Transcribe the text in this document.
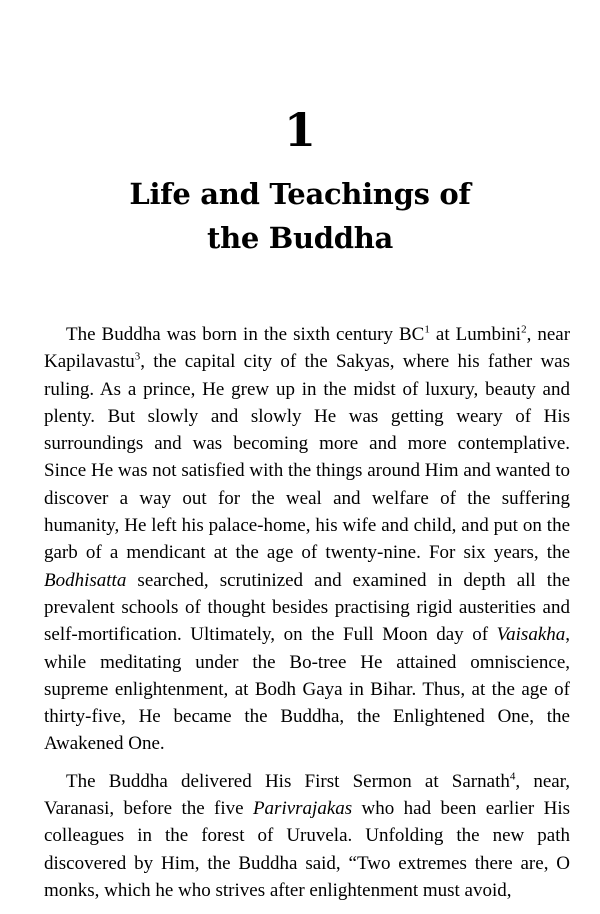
1
Life and Teachings of
the Buddha

The Buddha was born in the sixth century $BC^1$ at Lumbini$^2$, near Kapilavastu$^3$, the capital city of the Sakyas, where his father was ruling. As a prince, He grew up in the midst of luxury, beauty and plenty. But slowly and slowly He was getting weary of His surroundings and was becoming more and more contemplative. Since He was not satisfied with the things around Him and wanted to discover a way out for the weal and welfare of the suffering humanity, He left his palace-home, his wife and child, and put on the garb of a mendicant at the age of twenty-nine. For six years, the Bodhisatta searched, scrutinized and examined in depth all the prevalent schools of thought besides practising rigid austerities and self-mortification. Ultimately, on the Full Moon day of Vaisakha, while meditating under the Bo-tree He attained omniscience, supreme enlightenment, at Bodh Gaya in Bihar. Thus, at the age of thirty-five, He became the Buddha, the Enlightened One, the Awakened One.

The Buddha delivered His First Sermon at Sarnath$^4$, near, Varanasi, before the five Parivrajakas who had been earlier His colleagues in the forest of Uruvela. Unfolding the new path discovered by Him, the Buddha said, “Two extremes there are, O monks, which he who strives after enlightenment must avoid,
